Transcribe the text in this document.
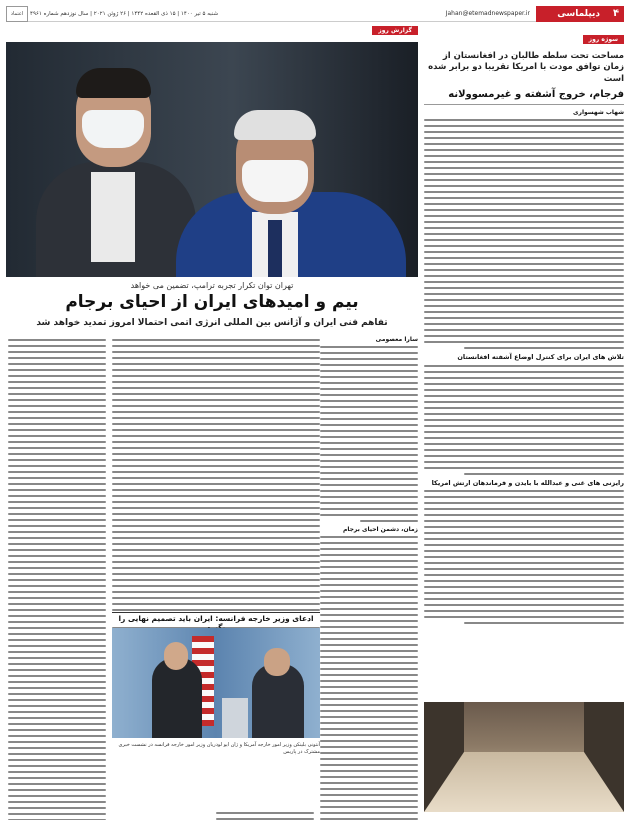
۴
دیپلماسی
Jahan@etemadnewspaper.ir
شنبه ۵ تیر ۱۴۰۰ | ۱۵ ذی القعده ۱۴۴۲ | ۲۶ ژوئن ۲۰۲۱ | سال نوزدهم شماره ۴۹۶۱
اعتماد
سوژه روز
مساحت تحت سلطه طالبان در افغانستان از زمان توافق مودت با امریکا تقریبا دو برابر شده است
فرجام، خروج آشفته و غیرمسوولانه
شهاب شهسواری
تلاش های ایران برای کنترل اوضاع آشفته افغانستان
رایزنی های غنی و عبدالله با بایدن و فرماندهان ارتش امریکا
گزارش روز
تهران توان تکرار تجربه ترامپ، تضمین می خواهد
بیم و امیدهای ایران از احیای برجام
تفاهم فنی ایران و آژانس بین المللی انرژی اتمی احتمالا امروز تمدید خواهد شد
سارا معصومی
زمان، دشمن احیای برجام
ادعای وزیر خارجه فرانسه: ایران باید تصمیم نهایی را
آنتونی بلینکن وزیر امور خارجه آمریکا و ژان ایو لودریان وزیر امور خارجه فرانسه در نشست خبری مشترک در پاریس
